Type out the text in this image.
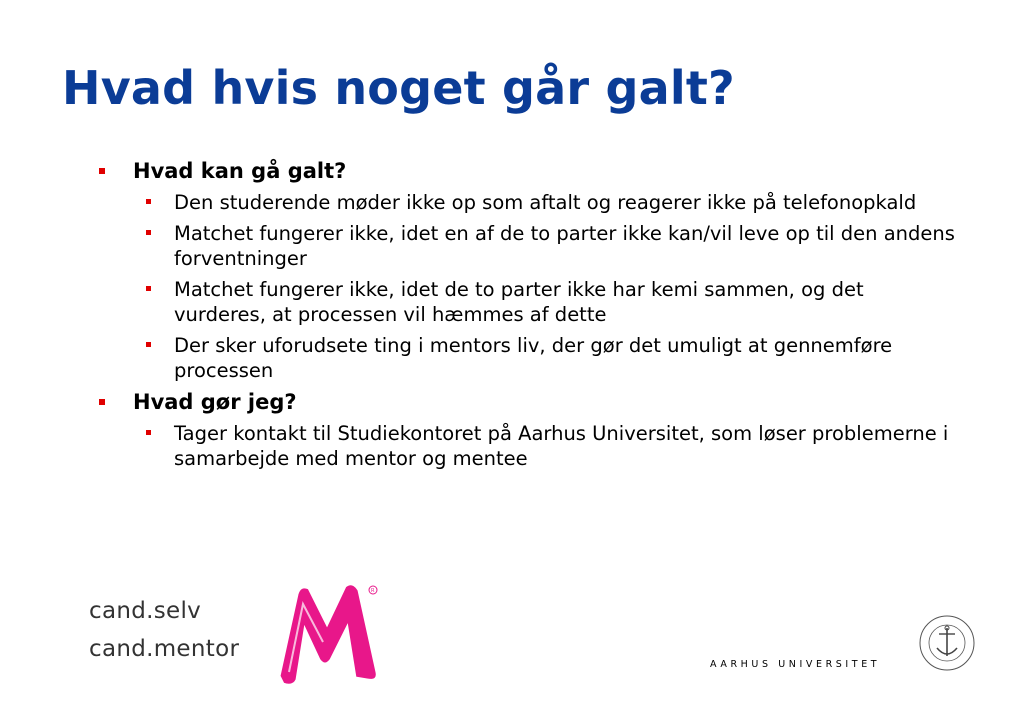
Hvad hvis noget går galt?
Hvad kan gå galt?
Den studerende møder ikke op som aftalt og reagerer ikke på telefonopkald
Matchet fungerer ikke, idet en af de to parter ikke kan/vil leve op til den andens forventninger
Matchet fungerer ikke, idet de to parter ikke har kemi sammen, og det vurderes, at processen vil hæmmes af dette
Der sker uforudsete ting i mentors liv, der gør det umuligt at gennemføre processen
Hvad gør jeg?
Tager kontakt til Studiekontoret på Aarhus Universitet, som løser problemerne i samarbejde med mentor og mentee
cand.selv
cand.mentor
R
AARHUS UNIVERSITET
